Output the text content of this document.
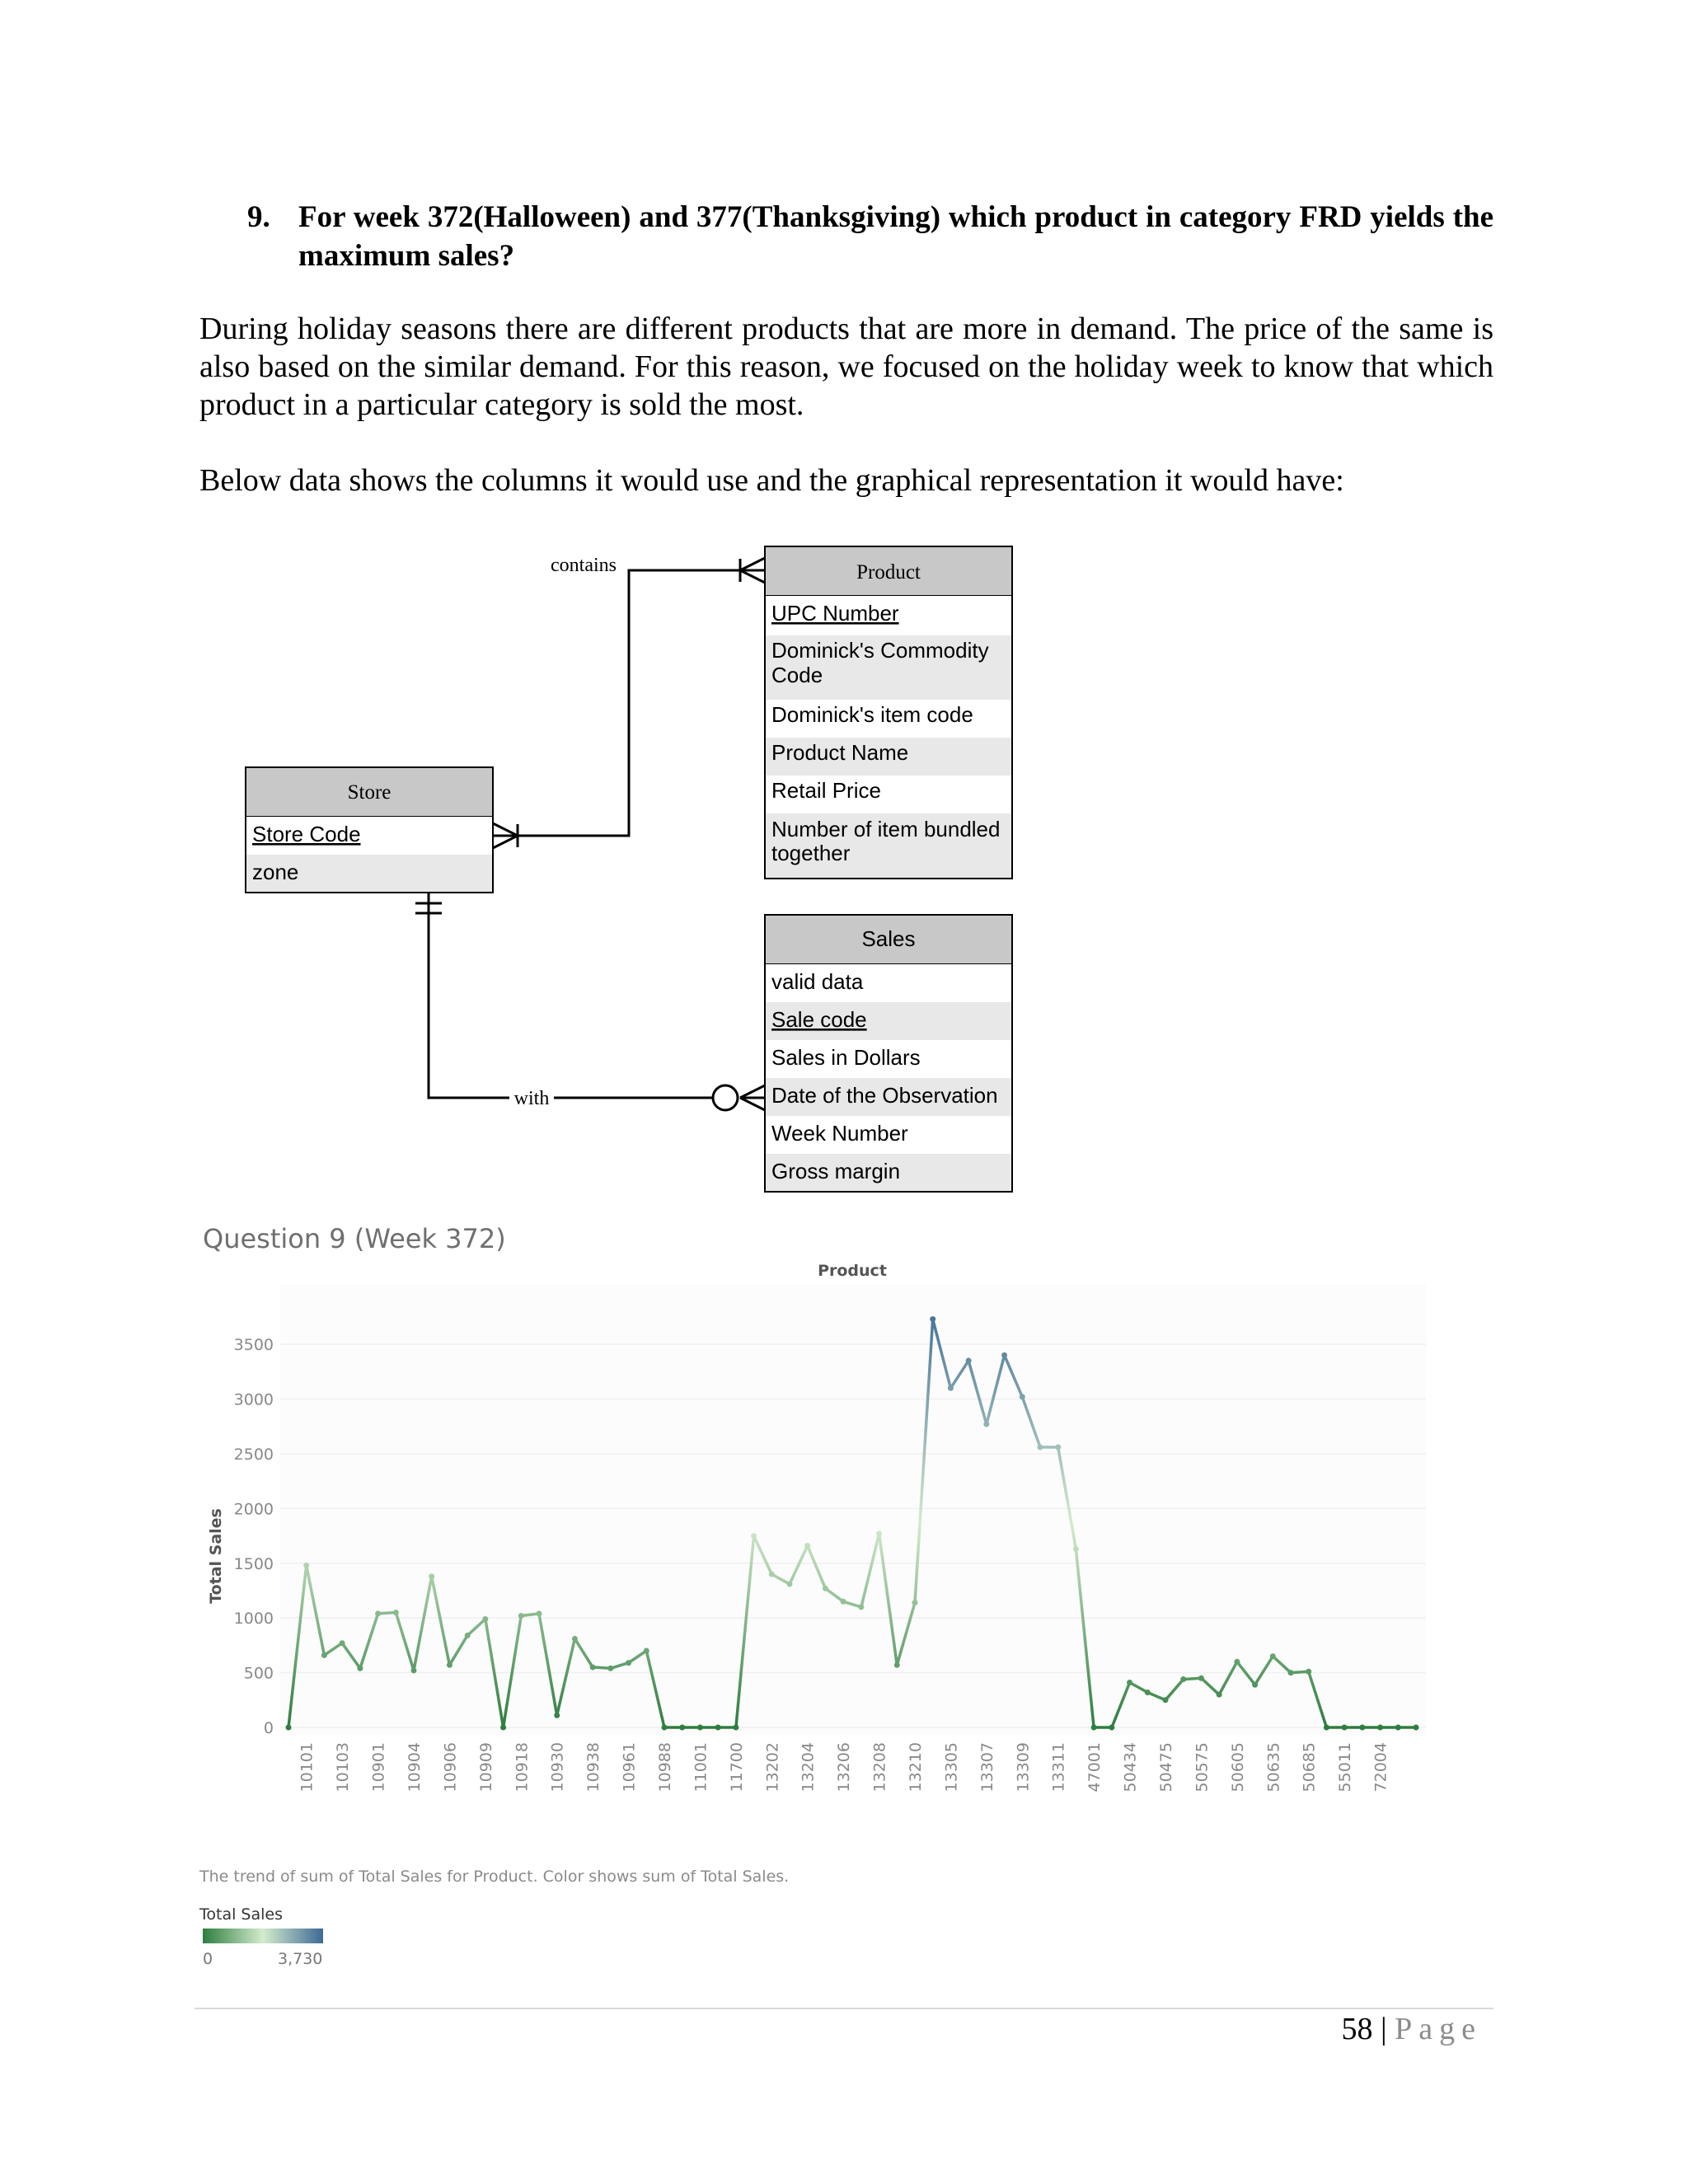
9. For week 372(Halloween) and 377(Thanksgiving) which product in category FRD yields the maximum sales?

During holiday seasons there are different products that are more in demand. The price of the same is also based on the similar demand. For this reason, we focused on the holiday week to know that which product in a particular category is sold the most.

Below data shows the columns it would use and the graphical representation it would have:

Product
UPC Number
Dominick's Commodity
Code
Dominick's item code
Product Name
Retail Price
Number of item bundled
together
Store
Store Code
zone
Sales
valid data
Sale code
Sales in Dollars
Date of the Observation
Week Number
Gross margin
contains
with
Question 9 (Week 372)
0
500
1000
1500
2000
2500
3000
3500
Total Sales
Product
10101 10103 10901 10904 10906 10909 10918 10930 10938 10961 10988 11001 11700 13202 13204 13206 13208 13210 13305 13307 13309 13311 47001 50434 50475 50575 50605 50635 50685 55011 72004
The trend of sum of Total Sales for Product. Color shows sum of Total Sales.
Total Sales
0	3,730
58 | Page
